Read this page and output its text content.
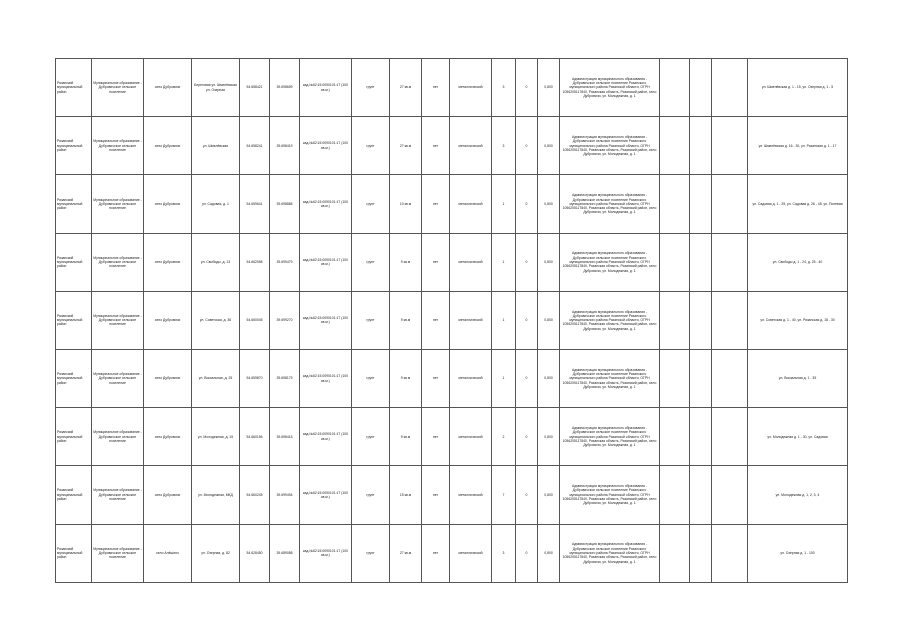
Рязанский муниципальный район	Муниципальное образование - Дубровичское сельское поселение	село Дубровичи	Береговая ул. Шмелёвская ул. Озерная	54.658421	39.698659	кад.№62:15:0090101:17 (100 кв.м.)	грунт	27 кв.м	нет	металлический	3	0	0,800	Администрация муниципального образования - Дубровичское сельское поселение Рязанского муниципального района Рязанской области, ОГРН 1056205117840, Рязанская область, Рязанский район, село Дубровичи, ул. Молодежная, д. 1				ул. Шмелёвская д. 1 - 15, ул. Озерная д. 1 - 5
Рязанский муниципальный район	Муниципальное образование - Дубровичское сельское поселение	село Дубровичи	ул. Шмелёвская	54.658241	39.698419	кад.№62:15:0090101:17 (100 кв.м.)	грунт	27 кв.м	нет	металлический	3	0	0,800	Администрация муниципального образования - Дубровичское сельское поселение Рязанского муниципального района Рязанской области, ОГРН 1056205117840, Рязанская область, Рязанский район, село Дубровичи, ул. Молодежная, д. 1				ул. Шмелёвская д. 16 - 30, ул. Рязанская д. 1 - 17
Рязанский муниципальный район	Муниципальное образование - Дубровичское сельское поселение	село Дубровичи	ул. Садовая, д. 1	54.659641	39.698885	кад.№62:15:0090101:17 (100 кв.м.)	грунт	10 кв.м	нет	металлический	1	0	0,800	Администрация муниципального образования - Дубровичское сельское поселение Рязанского муниципального района Рязанской области, ОГРН 1056205117840, Рязанская область, Рязанский район, село Дубровичи, ул. Молодежная, д. 1				ул. Садовая д. 1 - 25, ул. Садовая д. 26 - 48, ул. Полевая
Рязанский муниципальный район	Муниципальное образование - Дубровичское сельское поселение	село Дубровичи	ул. Свободы, д. 13	54.662058	39.699479	кад.№62:15:0090101:17 (100 кв.м.)	грунт	9 кв.м	нет	металлический	1	0	0,800	Администрация муниципального образования - Дубровичское сельское поселение Рязанского муниципального района Рязанской области, ОГРН 1056205117840, Рязанская область, Рязанский район, село Дубровичи, ул. Молодежная, д. 1				ул. Свободы д. 1 - 24, д. 25 - 40
Рязанский муниципальный район	Муниципальное образование - Дубровичское сельское поселение	село Дубровичи	ул. Советская, д. 36	54.660045	39.699270	кад.№62:15:0090101:17 (100 кв.м.)	грунт	9 кв.м	нет	металлический	1	0	0,800	Администрация муниципального образования - Дубровичское сельское поселение Рязанского муниципального района Рязанской области, ОГРН 1056205117840, Рязанская область, Рязанский район, село Дубровичи, ул. Молодежная, д. 1				ул. Советская д. 1 - 40, ул. Рязанская д. 18 - 30
Рязанский муниципальный район	Муниципальное образование - Дубровичское сельское поселение	село Дубровичи	ул. Вокзальная, д. 25	54.659870	39.698179	кад.№62:15:0090101:17 (100 кв.м.)	грунт	9 кв.м	нет	металлический	1	0	0,800	Администрация муниципального образования - Дубровичское сельское поселение Рязанского муниципального района Рязанской области, ОГРН 1056205117840, Рязанская область, Рязанский район, село Дубровичи, ул. Молодежная, д. 1				ул. Вокзальная д. 1 - 35
Рязанский муниципальный район	Муниципальное образование - Дубровичское сельское поселение	село Дубровичи	ул. Молодежная, д. 15	54.660156	39.698415	кад.№62:15:0090101:17 (100 кв.м.)	грунт	9 кв.м	нет	металлический	2	0	0,800	Администрация муниципального образования - Дубровичское сельское поселение Рязанского муниципального района Рязанской области, ОГРН 1056205117840, Рязанская область, Рязанский район, село Дубровичи, ул. Молодежная, д. 1				ул. Молодежная д. 1 - 30, ул. Садовая
Рязанский муниципальный район	Муниципальное образование - Дубровичское сельское поселение	село Дубровичи	ул. Молодежная, МКД	54.660245	39.699494	кад.№62:15:0090101:17 (100 кв.м.)	грунт	15 кв.м	нет	металлический	7	0	0,800	Администрация муниципального образования - Дубровичское сельское поселение Рязанского муниципального района Рязанской области, ОГРН 1056205117840, Рязанская область, Рязанский район, село Дубровичи, ул. Молодежная, д. 1				ул. Молодежная д. 1, 2, 3, 4
Рязанский муниципальный район	Муниципальное образование - Дубровичское сельское поселение	село Алёшино	ул. Озерная, д. 82	54.628450	39.689088	кад.№62:15:0090101:17 (100 кв.м.)	грунт	27 кв.м	нет	металлический	3	0	0,800	Администрация муниципального образования - Дубровичское сельское поселение Рязанского муниципального района Рязанской области, ОГРН 1056205117840, Рязанская область, Рязанский район, село Дубровичи, ул. Молодежная, д. 1				ул. Озерная д. 1 - 100
